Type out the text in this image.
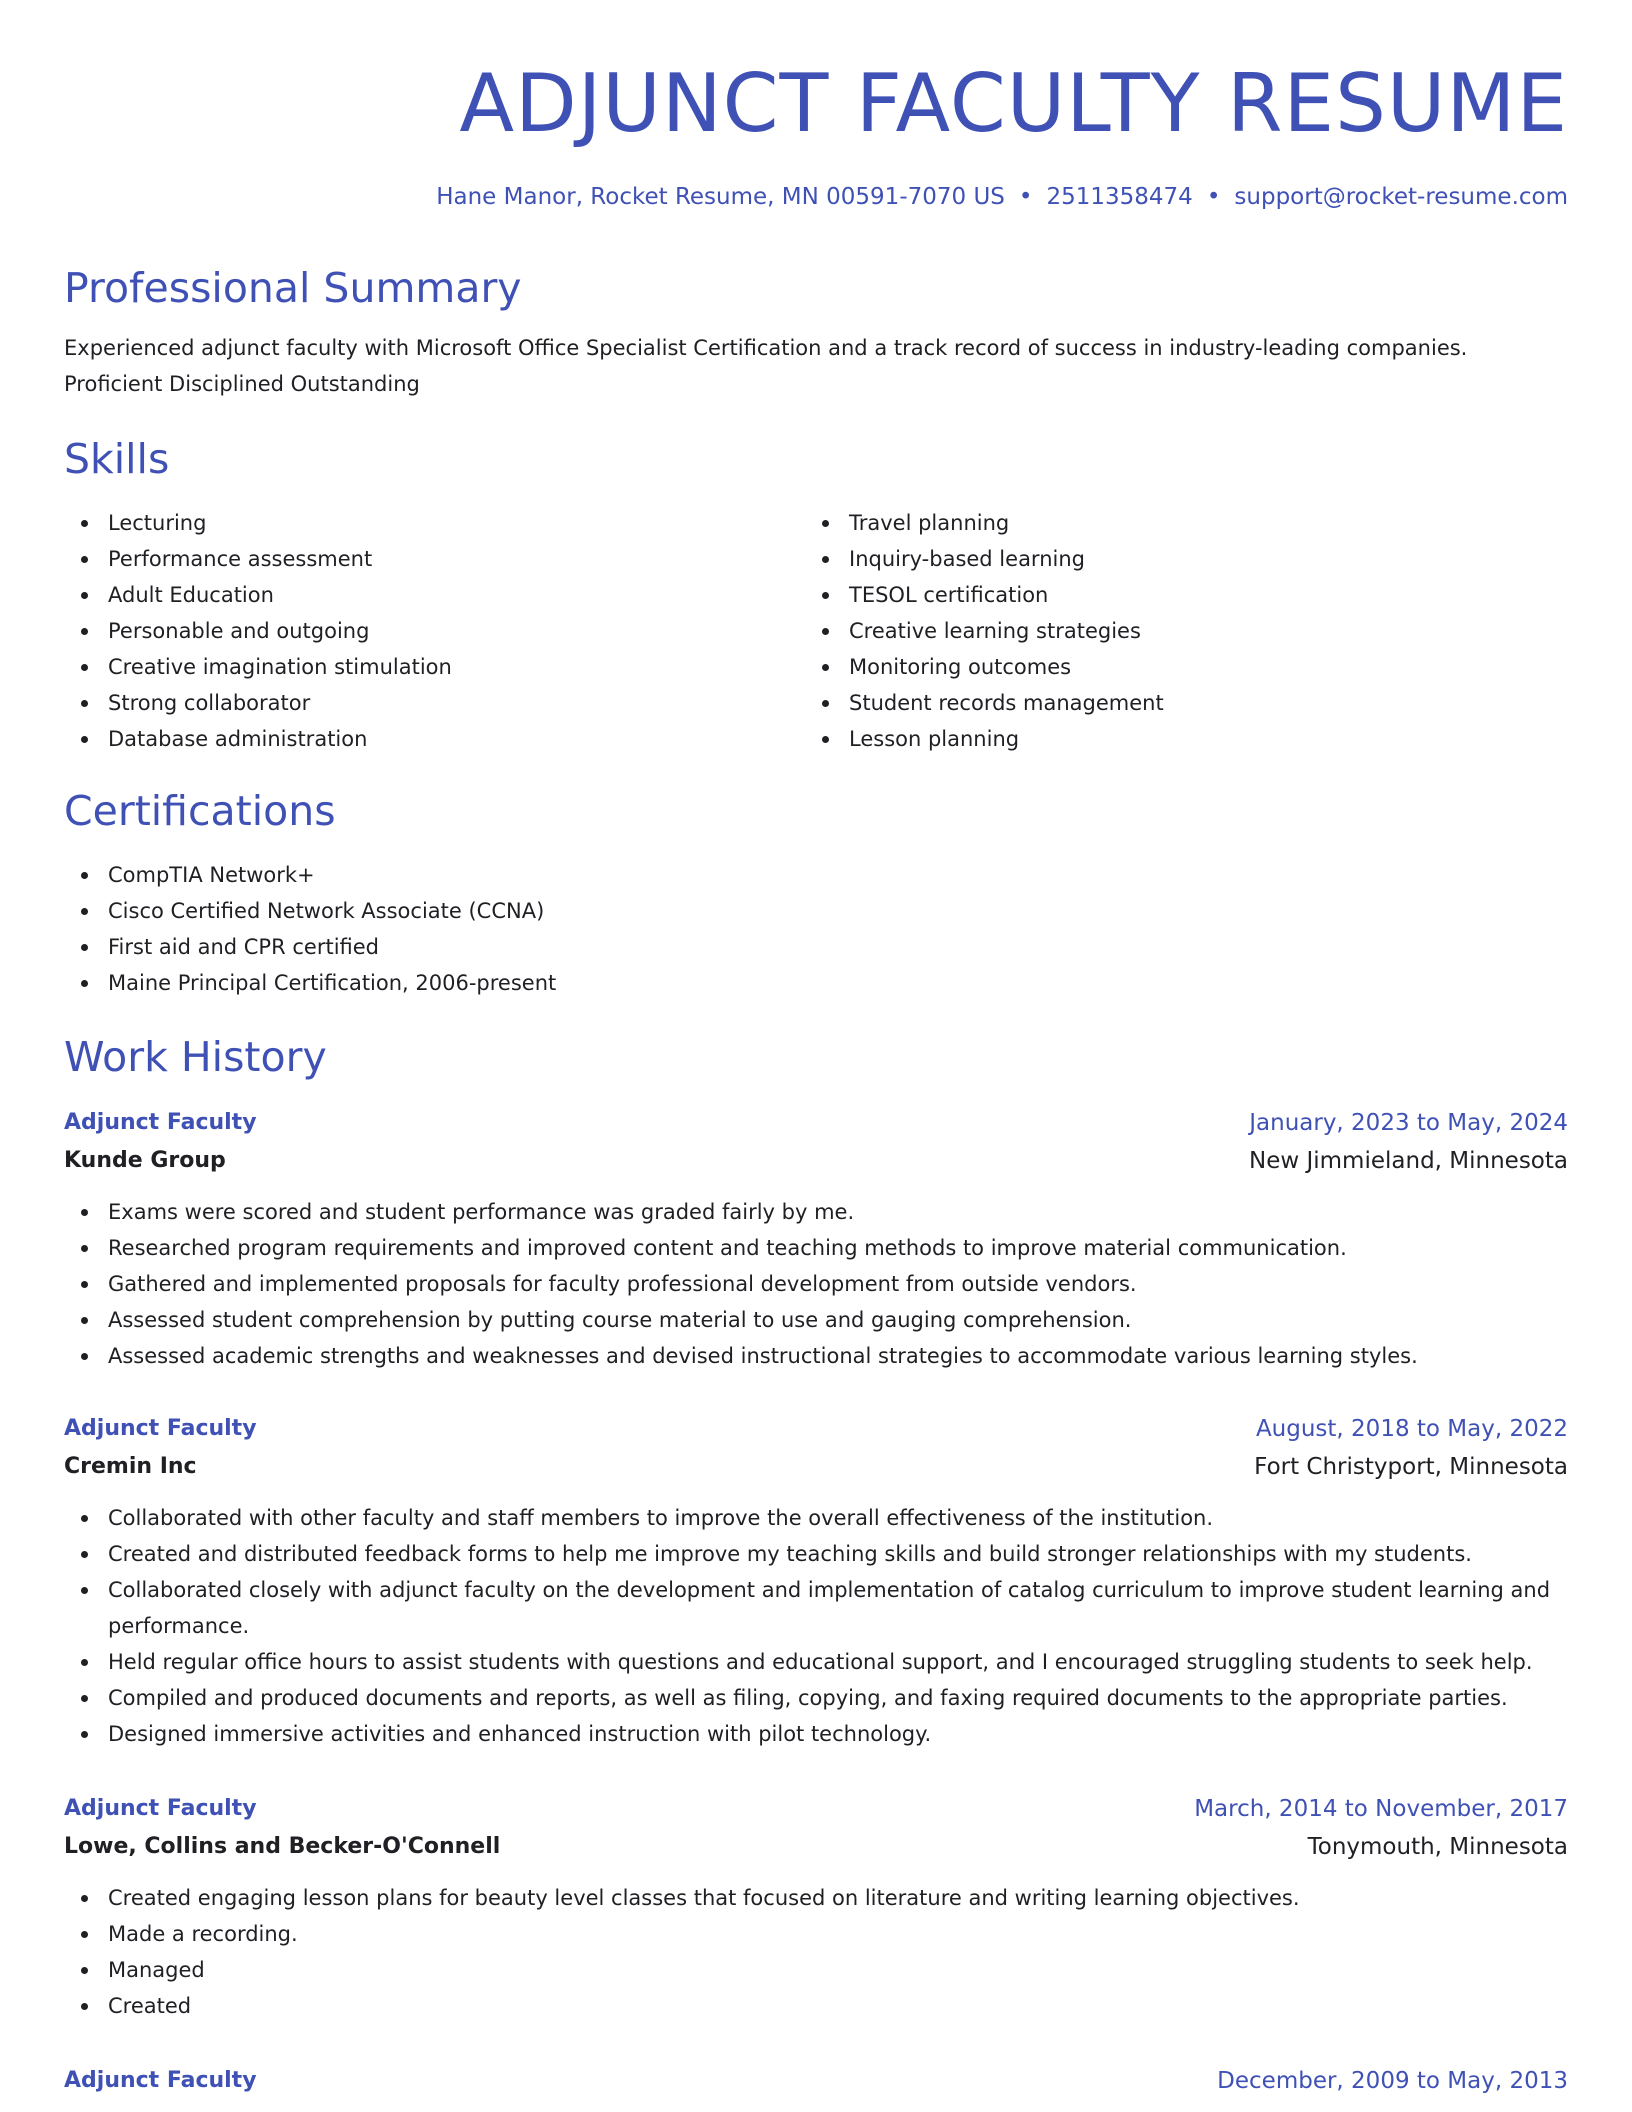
ADJUNCT FACULTY RESUME
Hane Manor, Rocket Resume, MN 00591-7070 US • 2511358474 • support@rocket-resume.com
Professional Summary

Experienced adjunct faculty with Microsoft Office Specialist Certification and a track record of success in industry-leading companies.
Proficient Disciplined Outstanding

Skills
Lecturing
Performance assessment
Adult Education
Personable and outgoing
Creative imagination stimulation
Strong collaborator
Database administration
Travel planning
Inquiry-based learning
TESOL certification
Creative learning strategies
Monitoring outcomes
Student records management
Lesson planning
Certifications
CompTIA Network+
Cisco Certified Network Associate (CCNA)
First aid and CPR certified
Maine Principal Certification, 2006-present
Work History
Adjunct Faculty	January, 2023 to May, 2024
Kunde Group	New Jimmieland, Minnesota
Exams were scored and student performance was graded fairly by me.
Researched program requirements and improved content and teaching methods to improve material communication.
Gathered and implemented proposals for faculty professional development from outside vendors.
Assessed student comprehension by putting course material to use and gauging comprehension.
Assessed academic strengths and weaknesses and devised instructional strategies to accommodate various learning styles.
Adjunct Faculty	August, 2018 to May, 2022
Cremin Inc	Fort Christyport, Minnesota
Collaborated with other faculty and staff members to improve the overall effectiveness of the institution.
Created and distributed feedback forms to help me improve my teaching skills and build stronger relationships with my students.
Collaborated closely with adjunct faculty on the development and implementation of catalog curriculum to improve student learning and performance.
Held regular office hours to assist students with questions and educational support, and I encouraged struggling students to seek help.
Compiled and produced documents and reports, as well as filing, copying, and faxing required documents to the appropriate parties.
Designed immersive activities and enhanced instruction with pilot technology.
Adjunct Faculty	March, 2014 to November, 2017
Lowe, Collins and Becker-O'Connell	Tonymouth, Minnesota
Created engaging lesson plans for beauty level classes that focused on literature and writing learning objectives.
Made a recording.
Managed
Created
Adjunct Faculty	December, 2009 to May, 2013
